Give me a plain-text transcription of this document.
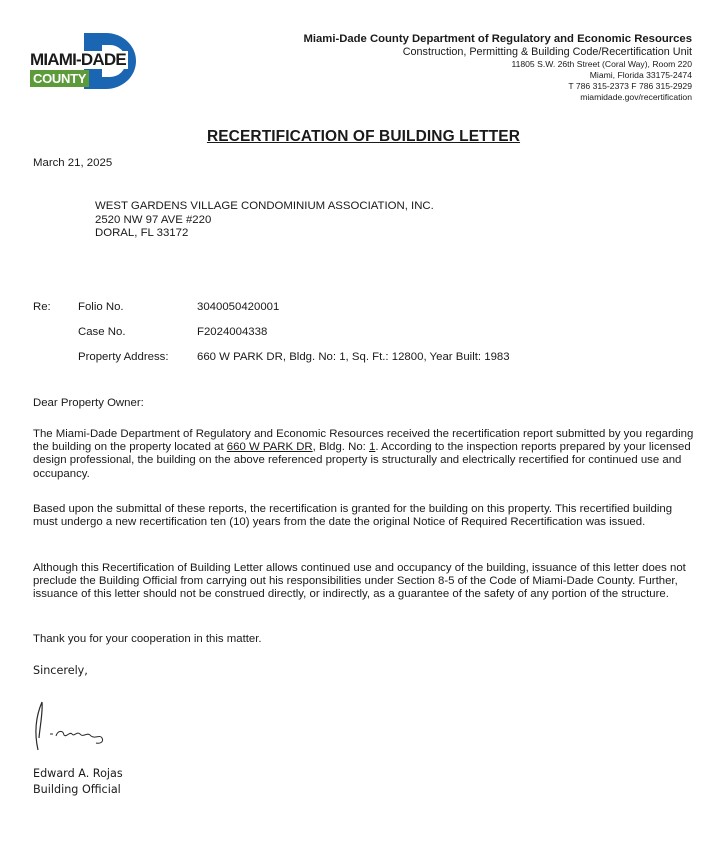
MIAMI-DADE
COUNTY
Miami-Dade County Department of Regulatory and Economic Resources
Construction, Permitting & Building Code/Recertification Unit
11805 S.W. 26th Street (Coral Way), Room 220
Miami, Florida 33175-2474
T 786 315-2373 F 786 315-2929
miamidade.gov/recertification
RECERTIFICATION OF BUILDING LETTER
March 21, 2025
WEST GARDENS VILLAGE CONDOMINIUM ASSOCIATION, INC.
2520 NW 97 AVE #220
DORAL, FL 33172
Re: Folio No.	3040050420001
Case No.	F2024004338
Property Address: 660 W PARK DR, Bldg. No: 1, Sq. Ft.: 12800, Year Built: 1983
Dear Property Owner:
The Miami-Dade Department of Regulatory and Economic Resources received the recertification report submitted by you regarding the building on the property located at 660 W PARK DR, Bldg. No: 1. According to the inspection reports prepared by your licensed design professional, the building on the above referenced property is structurally and electrically recertified for continued use and occupancy.
Based upon the submittal of these reports, the recertification is granted for the building on this property. This recertified building must undergo a new recertification ten (10) years from the date the original Notice of Required Recertification was issued.
Although this Recertification of Building Letter allows continued use and occupancy of the building, issuance of this letter does not preclude the Building Official from carrying out his responsibilities under Section 8-5 of the Code of Miami-Dade County. Further, issuance of this letter should not be construed directly, or indirectly, as a guarantee of the safety of any portion of the structure.
Thank you for your cooperation in this matter.
Sincerely,
Edward A. Rojas
Building Official
